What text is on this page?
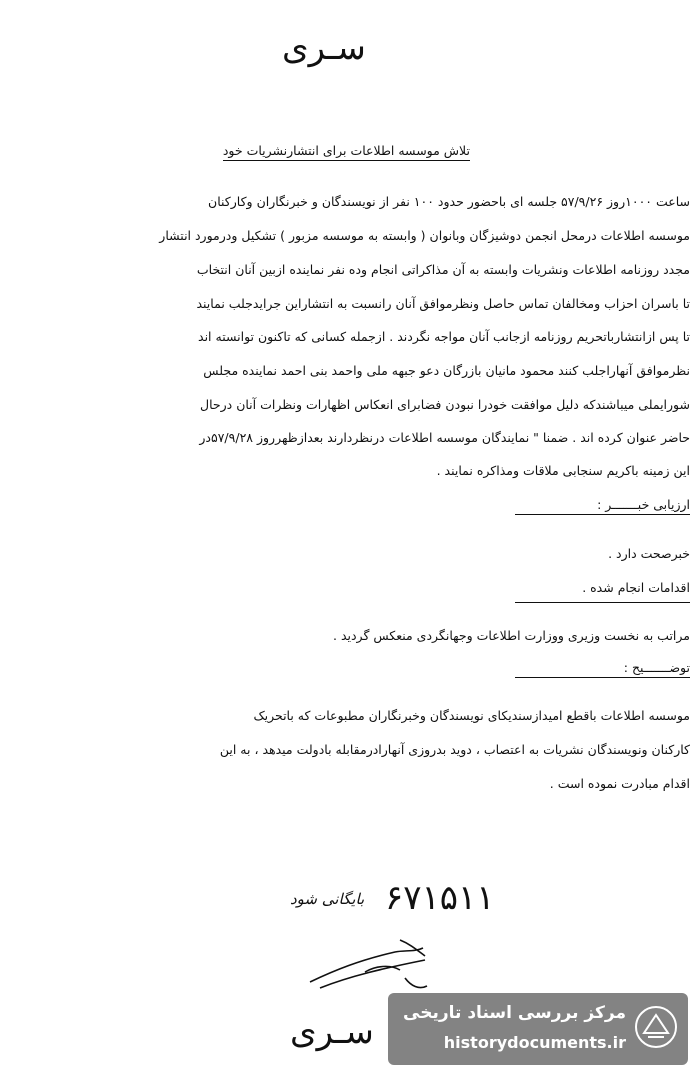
سـرى
تلاش موسسه اطلاعات برای انتشارنشریات خود
ساعت ۱۰۰۰روز ۵۷/۹/۲۶ جلسه ای باحضور حدود ۱۰۰ نفر از نویسندگان و خبرنگاران وکارکنان
موسسه اطلاعات درمحل انجمن دوشیزگان وبانوان ( وابسته به موسسه مزبور ) تشکیل ودرمورد انتشار
مجدد روزنامه اطلاعات ونشریات وابسته به آن مذاکراتی انجام وده نفر نماینده ازبین آنان انتخاب
تا باسران احزاب ومخالفان تماس حاصل ونظرموافق آنان رانسبت به انتشاراین جرایدجلب نمایند
تا پس ازانتشارباتحریم روزنامه ازجانب آنان مواجه نگردند . ازجمله کسانی که تاکنون توانسته اند
نظرموافق آنهاراجلب کنند محمود مانیان بازرگان دعو جبهه ملی واحمد بنی احمد نماینده مجلس
شورایملی میباشندکه دلیل موافقت خودرا نبودن فضابرای انعکاس اظهارات ونظرات آنان درحال
حاضر عنوان کرده اند . ضمنا " نمایندگان موسسه اطلاعات درنظردارند بعدازظهرروز ۵۷/۹/۲۸در
این زمینه باکریم سنجابی ملاقات ومذاکره نمایند .
ارزیابی خبـــــــر :
خبرصحت دارد .
اقدامات انجام شده .
مراتب به نخست وزیری ووزارت اطلاعات وجهانگردی منعکس گردید .
توضـــــــیح :
موسسه اطلاعات باقطع امیدازسندیکای نویسندگان وخبرنگاران مطبوعات که باتحریک
کارکنان ونویسندگان نشریات به اعتصاب ، دوید بدروزی آنهارادرمقابله بادولت میدهد ، به این
اقدام مبادرت نموده است .
۶۷۱۵۱۱
بایگانی شود
سـرى مرکز بررسی اسناد تاریخی
historydocuments.ir
